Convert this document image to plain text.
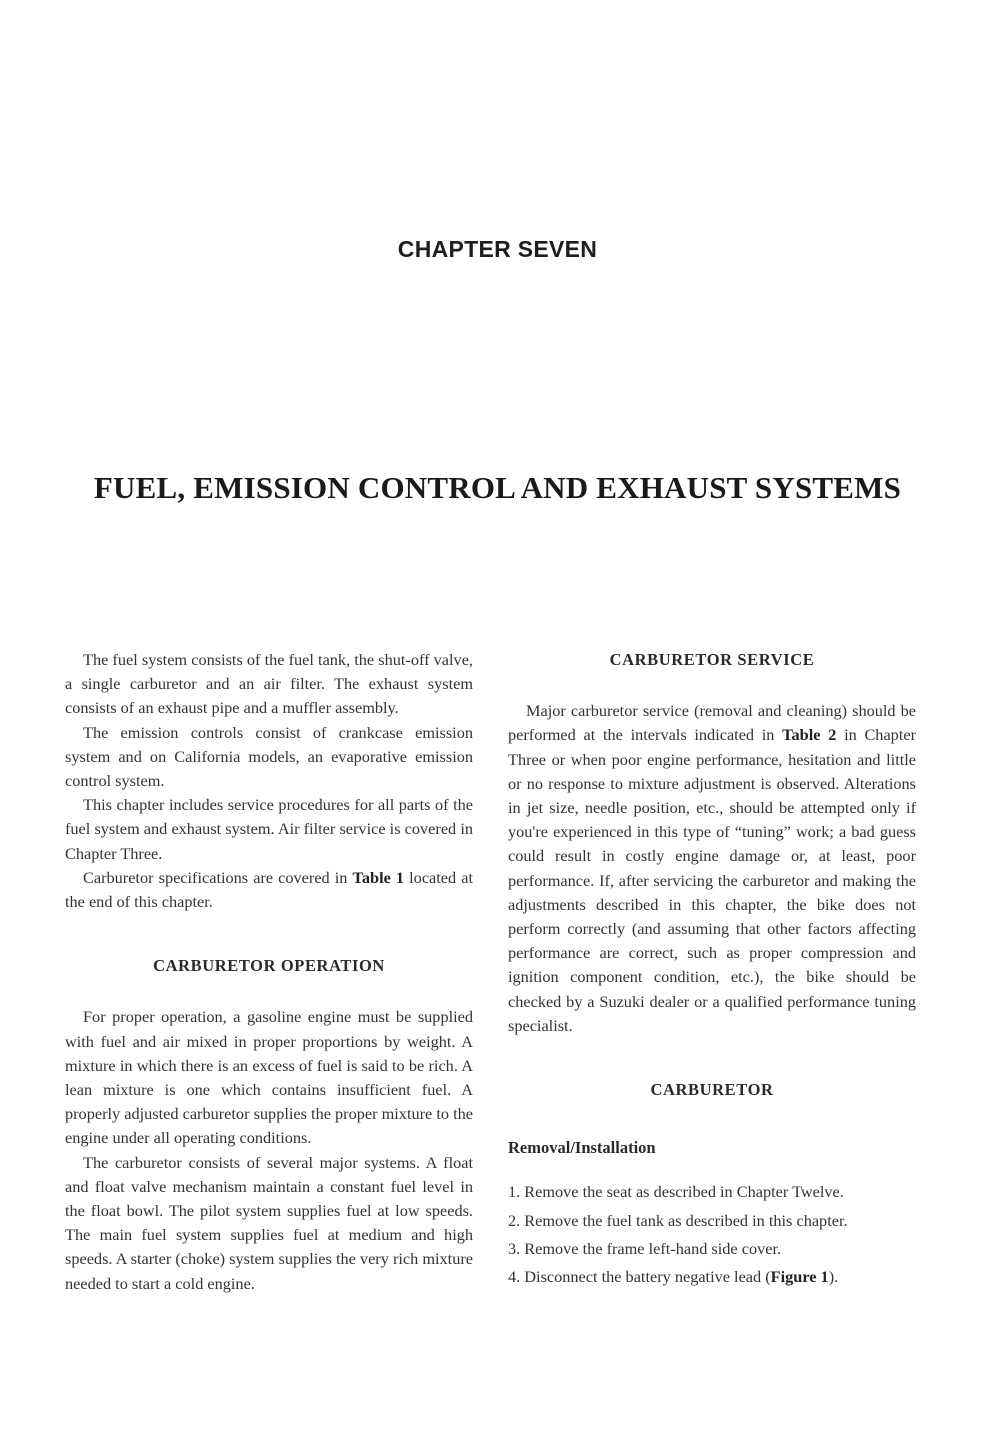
CHAPTER SEVEN
FUEL, EMISSION CONTROL AND EXHAUST SYSTEMS

The fuel system consists of the fuel tank, the shut-off valve, a single carburetor and an air filter. The exhaust system consists of an exhaust pipe and a muffler assembly.

The emission controls consist of crankcase emission system and on California models, an evaporative emission control system.

This chapter includes service procedures for all parts of the fuel system and exhaust system. Air filter service is covered in Chapter Three.

Carburetor specifications are covered in Table 1 located at the end of this chapter.

CARBURETOR OPERATION

For proper operation, a gasoline engine must be supplied with fuel and air mixed in proper proportions by weight. A mixture in which there is an excess of fuel is said to be rich. A lean mixture is one which contains insufficient fuel. A properly adjusted carburetor supplies the proper mixture to the engine under all operating conditions.

The carburetor consists of several major systems. A float and float valve mechanism maintain a constant fuel level in the float bowl. The pilot system supplies fuel at low speeds. The main fuel system supplies fuel at medium and high speeds. A starter (choke) system supplies the very rich mixture needed to start a cold engine.

CARBURETOR SERVICE

Major carburetor service (removal and cleaning) should be performed at the intervals indicated in Table 2 in Chapter Three or when poor engine performance, hesitation and little or no response to mixture adjustment is observed. Alterations in jet size, needle position, etc., should be attempted only if you're experienced in this type of “tuning” work; a bad guess could result in costly engine damage or, at least, poor performance. If, after servicing the carburetor and making the adjustments described in this chapter, the bike does not perform correctly (and assuming that other factors affecting performance are correct, such as proper compression and ignition component condition, etc.), the bike should be checked by a Suzuki dealer or a qualified performance tuning specialist.

CARBURETOR
Removal/Installation
1. Remove the seat as described in Chapter Twelve.
2. Remove the fuel tank as described in this chapter.
3. Remove the frame left-hand side cover.
4. Disconnect the battery negative lead (Figure 1).
